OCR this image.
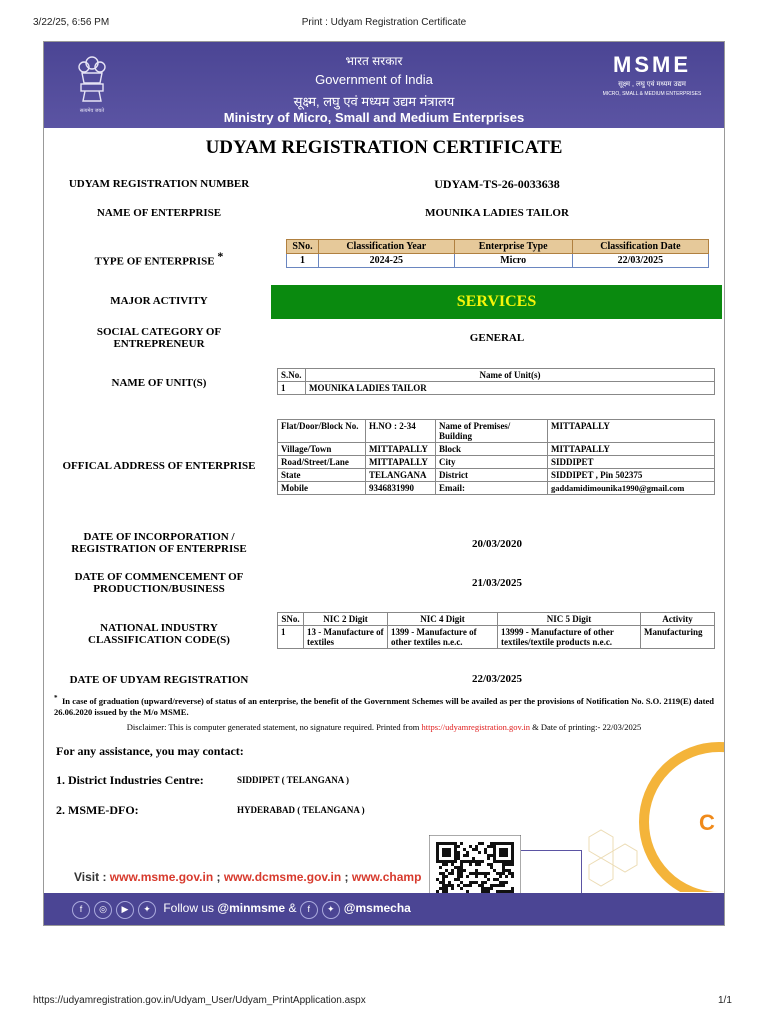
3/22/25, 6:56 PM	Print : Udyam Registration Certificate
सत्यमेव जयते
भारत सरकार
Government of India
सूक्ष्म, लघु एवं मध्यम उद्यम मंत्रालय
Ministry of Micro, Small and Medium Enterprises
MSME
सूक्ष्म , लघु एवं मध्यम उद्यम
MICRO, SMALL & MEDIUM ENTERPRISES
UDYAM REGISTRATION CERTIFICATE
UDYAM REGISTRATION NUMBER	UDYAM-TS-26-0033638
NAME OF ENTERPRISE	MOUNIKA LADIES TAILOR
TYPE OF ENTERPRISE *
SNo.	Classification Year	Enterprise Type	Classification Date
1	2024-25	Micro	22/03/2025
MAJOR ACTIVITY	SERVICES
SOCIAL CATEGORY OF
ENTREPRENEUR	GENERAL
NAME OF UNIT(S)
S.No.	Name of Unit(s)
1	MOUNIKA LADIES TAILOR
OFFICAL ADDRESS OF ENTERPRISE
Flat/Door/Block No.	H.NO : 2-34	Name of Premises/ Building	MITTAPALLY
Village/Town	MITTAPALLY	Block	MITTAPALLY
Road/Street/Lane	MITTAPALLY	City	SIDDIPET
State	TELANGANA	District	SIDDIPET , Pin 502375
Mobile	9346831990	Email:	gaddamidimounika1990@gmail.com
DATE OF INCORPORATION /
REGISTRATION OF ENTERPRISE	20/03/2020
DATE OF COMMENCEMENT OF
PRODUCTION/BUSINESS	21/03/2025
NATIONAL INDUSTRY
CLASSIFICATION CODE(S)
SNo.	NIC 2 Digit	NIC 4 Digit	NIC 5 Digit	Activity
1	13 - Manufacture of textiles	1399 - Manufacture of other textiles n.e.c.	13999 - Manufacture of other textiles/textile products n.e.c.	Manufacturing
DATE OF UDYAM REGISTRATION	22/03/2025
* In case of graduation (upward/reverse) of status of an enterprise, the benefit of the Government Schemes will be availed as per the provisions of Notification No. S.O. 2119(E) dated 26.06.2020 issued by the M/o MSME.
Disclaimer: This is computer generated statement, no signature required. Printed from https://udyamregistration.gov.in & Date of printing:- 22/03/2025
For any assistance, you may contact:
1. District Industries Centre:	SIDDIPET ( TELANGANA )
2. MSME-DFO:	HYDERABAD ( TELANGANA )	C
Visit : www.msme.gov.in ; www.dcmsme.gov.in ; www.champ
f ◎ ▶ ✦ Follow us @minmsme & f ✦ @msmecha
https://udyamregistration.gov.in/Udyam_User/Udyam_PrintApplication.aspx	1/1
